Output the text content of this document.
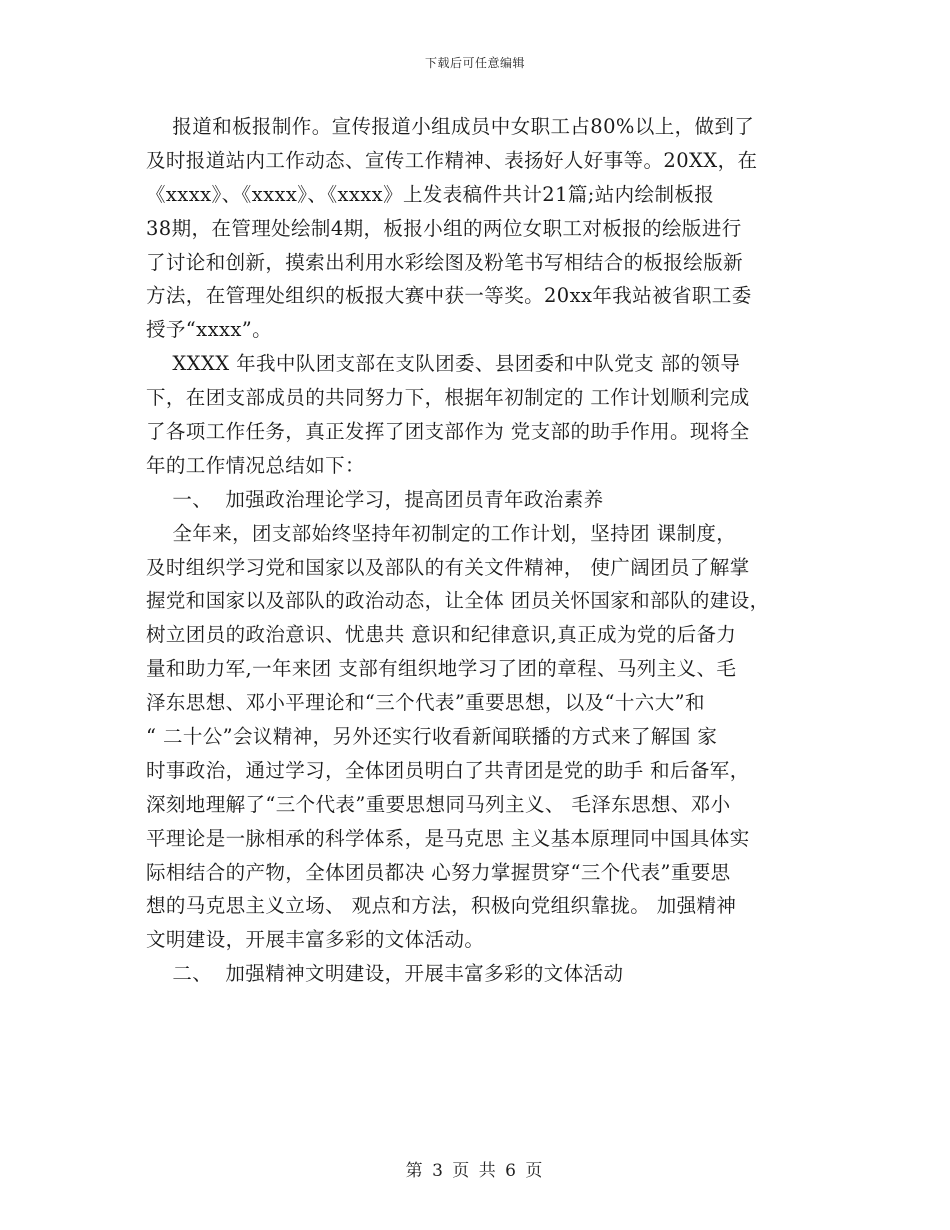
下载后可任意编辑
报道和板报制作。宣传报道小组成员中女职工占80%以上，做到了
及时报道站内工作动态、宣传工作精神、表扬好人好事等。20XX，在
《xxxx》、《xxxx》、《xxxx》上发表稿件共计21篇;站内绘制板报
38期，在管理处绘制4期，板报小组的两位女职工对板报的绘版进行
了讨论和创新，摸索出利用水彩绘图及粉笔书写相结合的板报绘版新
方法，在管理处组织的板报大赛中获一等奖。20xx年我站被省职工委
授予“xxxx”。
XXXX 年我中队团支部在支队团委、县团委和中队党支 部的领导
下，在团支部成员的共同努力下，根据年初制定的 工作计划顺利完成
了各项工作任务，真正发挥了团支部作为 党支部的助手作用。现将全
年的工作情况总结如下：
一、  加强政治理论学习，提高团员青年政治素养
全年来，团支部始终坚持年初制定的工作计划，坚持团 课制度，
及时组织学习党和国家以及部队的有关文件精神， 使广阔团员了解掌
握党和国家以及部队的政治动态，让全体 团员关怀国家和部队的建设，
树立团员的政治意识、忧患共 意识和纪律意识,真正成为党的后备力
量和助力军,一年来团 支部有组织地学习了团的章程、马列主义、毛
泽东思想、邓小平理论和“三个代表”重要思想，以及“十六大”和
“ 二十公”会议精神，另外还实行收看新闻联播的方式来了解国 家
时事政治，通过学习，全体团员明白了共青团是党的助手 和后备军，
深刻地理解了“三个代表”重要思想同马列主义、 毛泽东思想、邓小
平理论是一脉相承的科学体系，是马克思 主义基本原理同中国具体实
际相结合的产物，全体团员都决 心努力掌握贯穿“三个代表”重要思
想的马克思主义立场、 观点和方法，积极向党组织靠拢。 加强精神
文明建设，开展丰富多彩的文体活动。
二、  加强精神文明建设，开展丰富多彩的文体活动
第 3 页 共 6 页
